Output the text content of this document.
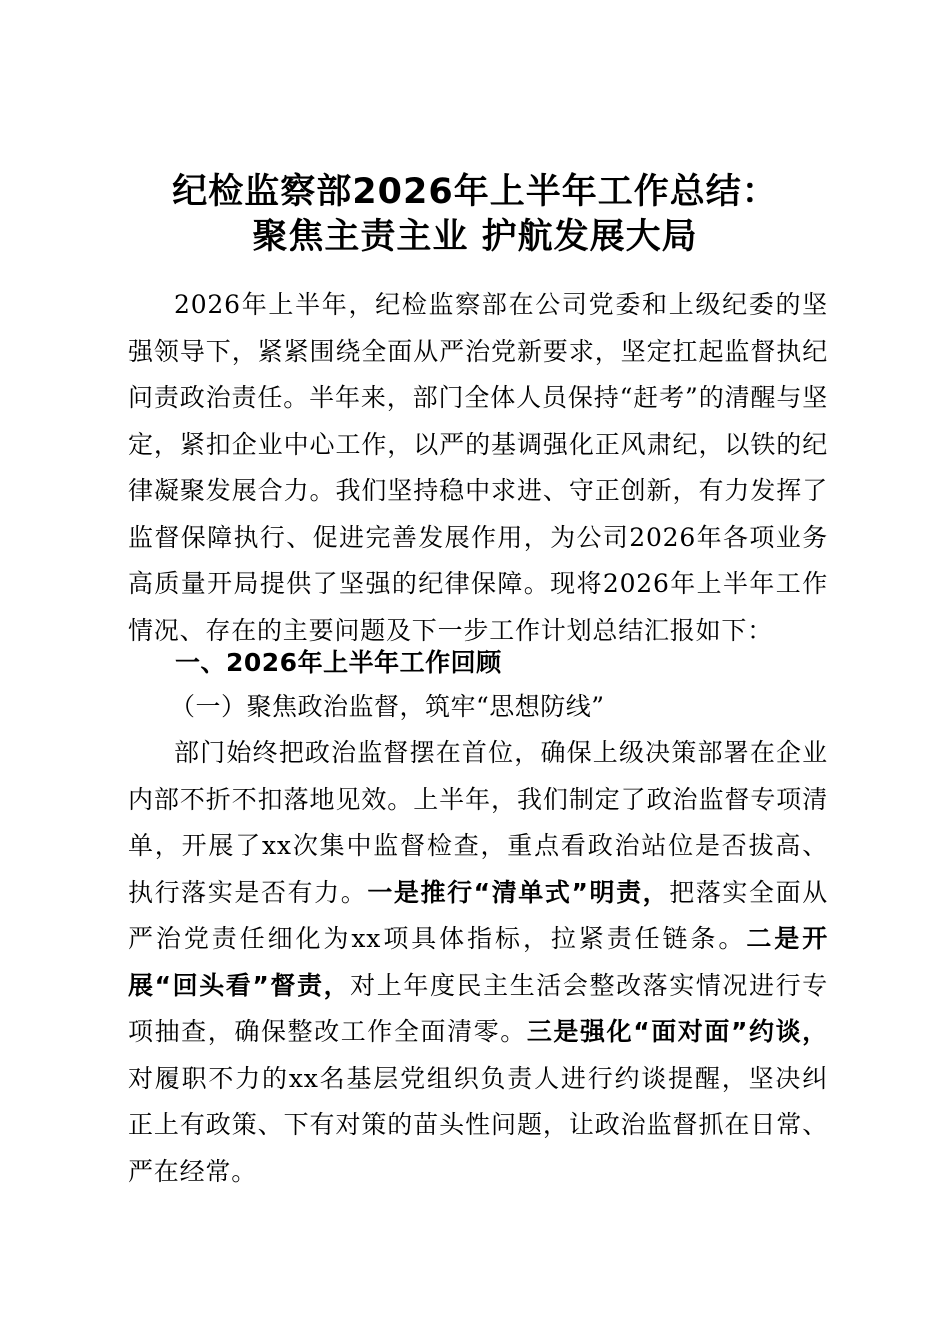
纪检监察部2026年上半年工作总结：
聚焦主责主业 护航发展大局
2026年上半年，纪检监察部在公司党委和上级纪委的坚强领导下，紧紧围绕全面从严治党新要求，坚定扛起监督执纪问责政治责任。半年来，部门全体人员保持“赶考”的清醒与坚定，紧扣企业中心工作，以严的基调强化正风肃纪，以铁的纪律凝聚发展合力。我们坚持稳中求进、守正创新，有力发挥了监督保障执行、促进完善发展作用，为公司2026年各项业务高质量开局提供了坚强的纪律保障。现将2026年上半年工作情况、存在的主要问题及下一步工作计划总结汇报如下：
一、2026年上半年工作回顾
（一）聚焦政治监督，筑牢“思想防线”
部门始终把政治监督摆在首位，确保上级决策部署在企业内部不折不扣落地见效。上半年，我们制定了政治监督专项清单，开展了xx次集中监督检查，重点看政治站位是否拔高、执行落实是否有力。一是推行“清单式”明责，把落实全面从严治党责任细化为xx项具体指标，拉紧责任链条。二是开展“回头看”督责，对上年度民主生活会整改落实情况进行专项抽查，确保整改工作全面清零。三是强化“面对面”约谈，对履职不力的xx名基层党组织负责人进行约谈提醒，坚决纠正上有政策、下有对策的苗头性问题，让政治监督抓在日常、严在经常。
